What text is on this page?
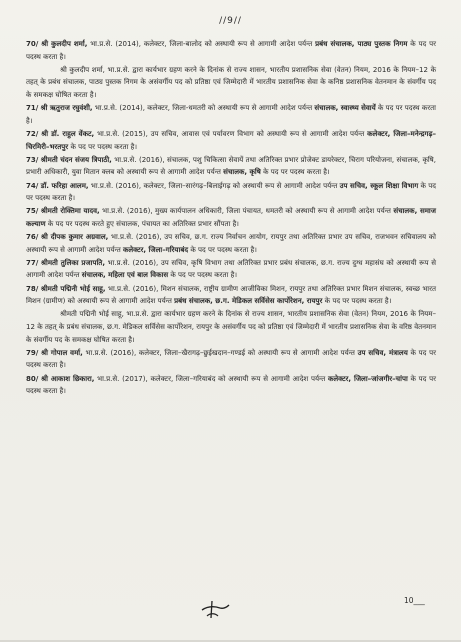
//9//
70/ श्री कुलदीप शर्मा, भा.प्र.से. (2014), कलेक्टर, जिला-बालोद को अस्थायी रूप से आगामी आदेश पर्यन्त प्रबंध संचालक, पाठ्य पुस्तक निगम के पद पर पदस्थ करता है।
श्री कुलदीप शर्मा, भा.प्र.से. द्वारा कार्यभार ग्रहण करने के दिनांक से राज्य शासन, भारतीय प्रशासनिक सेवा (वेतन) नियम, 2016 के नियम–12 के तहत् के प्रबंध संचालक, पाठ्य पुस्तक निगम के असंवर्गीय पद को प्रतिष्ठा एवं जिम्मेदारी में भारतीय प्रशासनिक सेवा के कनिष्ठ प्रशासनिक वेतनमान के संवर्गीय पद के समकक्ष घोषित करता है।
71/ श्री ऋतुराज रघुवंशी, भा.प्र.से. (2014), कलेक्टर, जिला-धमतरी को अस्थायी रूप से आगामी आदेश पर्यन्त संचालक, स्वास्थ्य सेवायें के पद पर पदस्थ करता है।
72/ श्री डॉ. राहुल वेंकट, भा.प्र.से. (2015), उप सचिव, आवास एवं पर्यावरण विभाग को अस्थायी रूप से आगामी आदेश पर्यन्त कलेक्टर, जिला–मनेन्द्रगढ़–चिरमिरी–भरतपुर के पद पर पदस्थ करता है।
73/ श्रीमती चंदन संजय त्रिपाठी, भा.प्र.से. (2016), संचालक, पशु चिकित्सा सेवायें तथा अतिरिक्त प्रभार प्रोजेक्ट डायरेक्टर, चिराग परियोजना, संचालक, कृषि, प्रभारी अधिकारी, युवा मितान क्लब को अस्थायी रूप से आगामी आदेश पर्यन्त संचालक, कृषि के पद पर पदस्थ करता है।
74/ डॉ. फरिहा आलम, भा.प्र.से. (2016), कलेक्टर, जिला–सारंगढ़–बिलाईगढ़ को अस्थायी रूप से आगामी आदेश पर्यन्त उप सचिव, स्कूल शिक्षा विभाग के पद पर पदस्थ करता है।
75/ श्रीमती रोक्तिमा यादव, भा.प्र.से. (2016), मुख्य कार्यपालन अधिकारी, जिला पंचायत, धमतरी को अस्थायी रूप से आगामी आदेश पर्यन्त संचालक, समाज कल्याण के पद पर पदस्थ करते हुए संचालक, पंचायत का अतिरिक्त प्रभार सौंपता है।
76/ श्री दीपक कुमार अग्रवाल, भा.प्र.से. (2016), उप सचिव, छ.ग. राज्य निर्वाचन आयोग, रायपुर तथा अतिरिक्त प्रभार उप सचिव, राजभवन सचिवालय को अस्थायी रूप से आगामी आदेश पर्यन्त कलेक्टर, जिला–गरियाबंद के पद पर पदस्थ करता है।
77/ श्रीमती तुलिका प्रजापति, भा.प्र.से. (2016), उप सचिव, कृषि विभाग तथा अतिरिक्त प्रभार प्रबंध संचालक, छ.ग. राज्य दुग्ध महासंघ को अस्थायी रूप से आगामी आदेश पर्यन्त संचालक, महिला एवं बाल विकास के पद पर पदस्थ करता है।
78/ श्रीमती पद्मिनी भोई साहू, भा.प्र.से. (2016), मिशन संचालक, राष्ट्रीय ग्रामीण आजीविका मिशन, रायपुर तथा अतिरिक्त प्रभार मिशन संचालक, स्वच्छ भारत मिशन (ग्रामीण) को अस्थायी रूप से आगामी आदेश पर्यन्त प्रबंध संचालक, छ.ग. मेडिकल सर्विसेस कार्पोरेशन, रायपुर के पद पर पदस्थ करता है।
श्रीमती पद्मिनी भोई साहू, भा.प्र.से. द्वारा कार्यभार ग्रहण करने के दिनांक से राज्य शासन, भारतीय प्रशासनिक सेवा (वेतन) नियम, 2016 के नियम–12 के तहत् के प्रबंध संचालक, छ.ग. मेडिकल सर्विसेस कार्पोरेशन, रायपुर के असंवर्गीय पद को प्रतिष्ठा एवं जिम्मेदारी में भारतीय प्रशासनिक सेवा के वरिष्ठ वेतनमान के संवर्गीय पद के समकक्ष घोषित करता है।
79/ श्री गोपाल वर्मा, भा.प्र.से. (2016), कलेक्टर, जिला–खैरागढ़–छुईखदान–गण्डई को अस्थायी रूप से आगामी आदेश पर्यन्त उप सचिव, मंत्रालय के पद पर पदस्थ करता है।
80/ श्री आकाश छिकारा, भा.प्र.से. (2017), कलेक्टर, जिला–गरियाबंद को अस्थायी रूप से आगामी आदेश पर्यन्त कलेक्टर, जिला–जांजगीर–चांपा के पद पर पदस्थ करता है।
10___
